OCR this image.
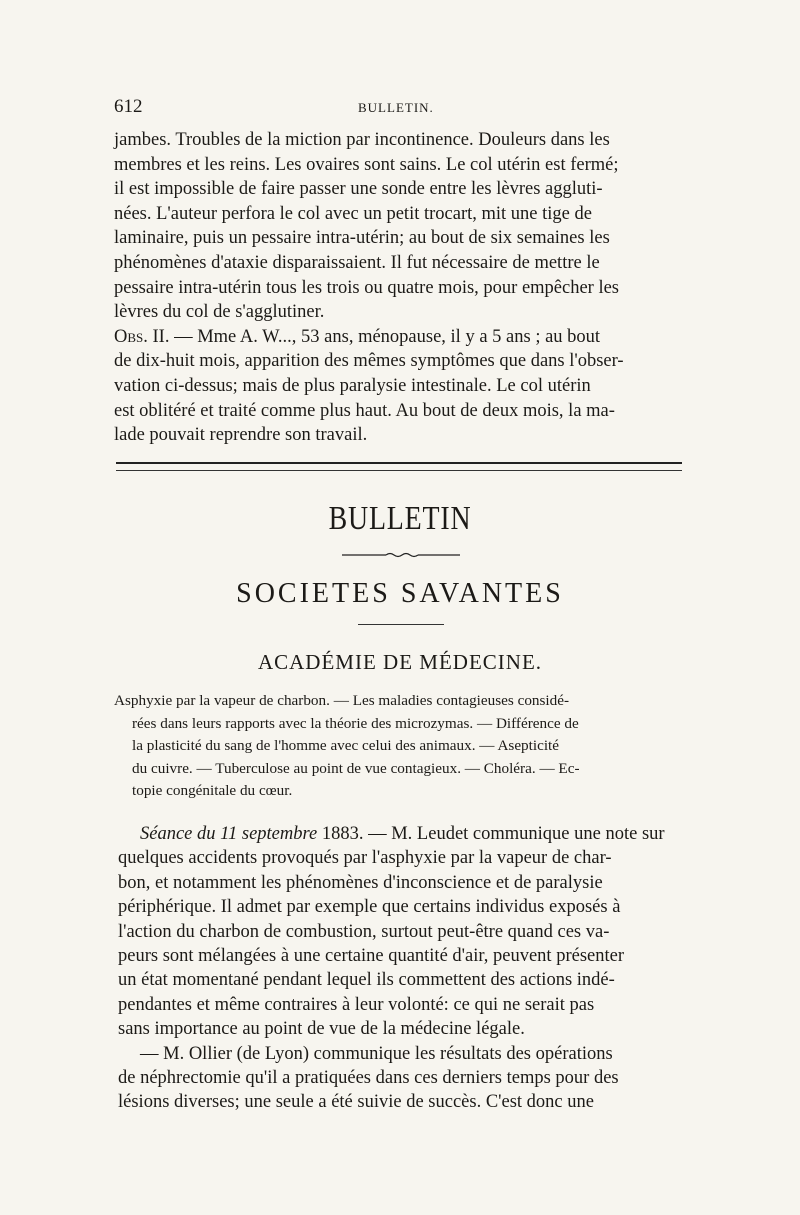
612	BULLETIN.
jambes. Troubles de la miction par incontinence. Douleurs dans les
membres et les reins. Les ovaires sont sains. Le col utérin est fermé;
il est impossible de faire passer une sonde entre les lèvres aggluti-
nées. L'auteur perfora le col avec un petit trocart, mit une tige de
laminaire, puis un pessaire intra-utérin; au bout de six semaines les
phénomènes d'ataxie disparaissaient. Il fut nécessaire de mettre le
pessaire intra-utérin tous les trois ou quatre mois, pour empêcher les
lèvres du col de s'agglutiner.
Obs. II. — Mme A. W..., 53 ans, ménopause, il y a 5 ans ; au bout
de dix-huit mois, apparition des mêmes symptômes que dans l'obser-
vation ci-dessus; mais de plus paralysie intestinale. Le col utérin
est oblitéré et traité comme plus haut. Au bout de deux mois, la ma-
lade pouvait reprendre son travail.
BULLETIN
SOCIETES SAVANTES
ACADÉMIE DE MÉDECINE.
Asphyxie par la vapeur de charbon. — Les maladies contagieuses considé-
rées dans leurs rapports avec la théorie des microzymas. — Différence de
la plasticité du sang de l'homme avec celui des animaux. — Asepticité
du cuivre. — Tuberculose au point de vue contagieux. — Choléra. — Ec-
topie congénitale du cœur.
Séance du 11 septembre 1883. — M. Leudet communique une note sur
quelques accidents provoqués par l'asphyxie par la vapeur de char-
bon, et notamment les phénomènes d'inconscience et de paralysie
périphérique. Il admet par exemple que certains individus exposés à
l'action du charbon de combustion, surtout peut-être quand ces va-
peurs sont mélangées à une certaine quantité d'air, peuvent présenter
un état momentané pendant lequel ils commettent des actions indé-
pendantes et même contraires à leur volonté: ce qui ne serait pas
sans importance au point de vue de la médecine légale.
— M. Ollier (de Lyon) communique les résultats des opérations
de néphrectomie qu'il a pratiquées dans ces derniers temps pour des
lésions diverses; une seule a été suivie de succès. C'est donc une
